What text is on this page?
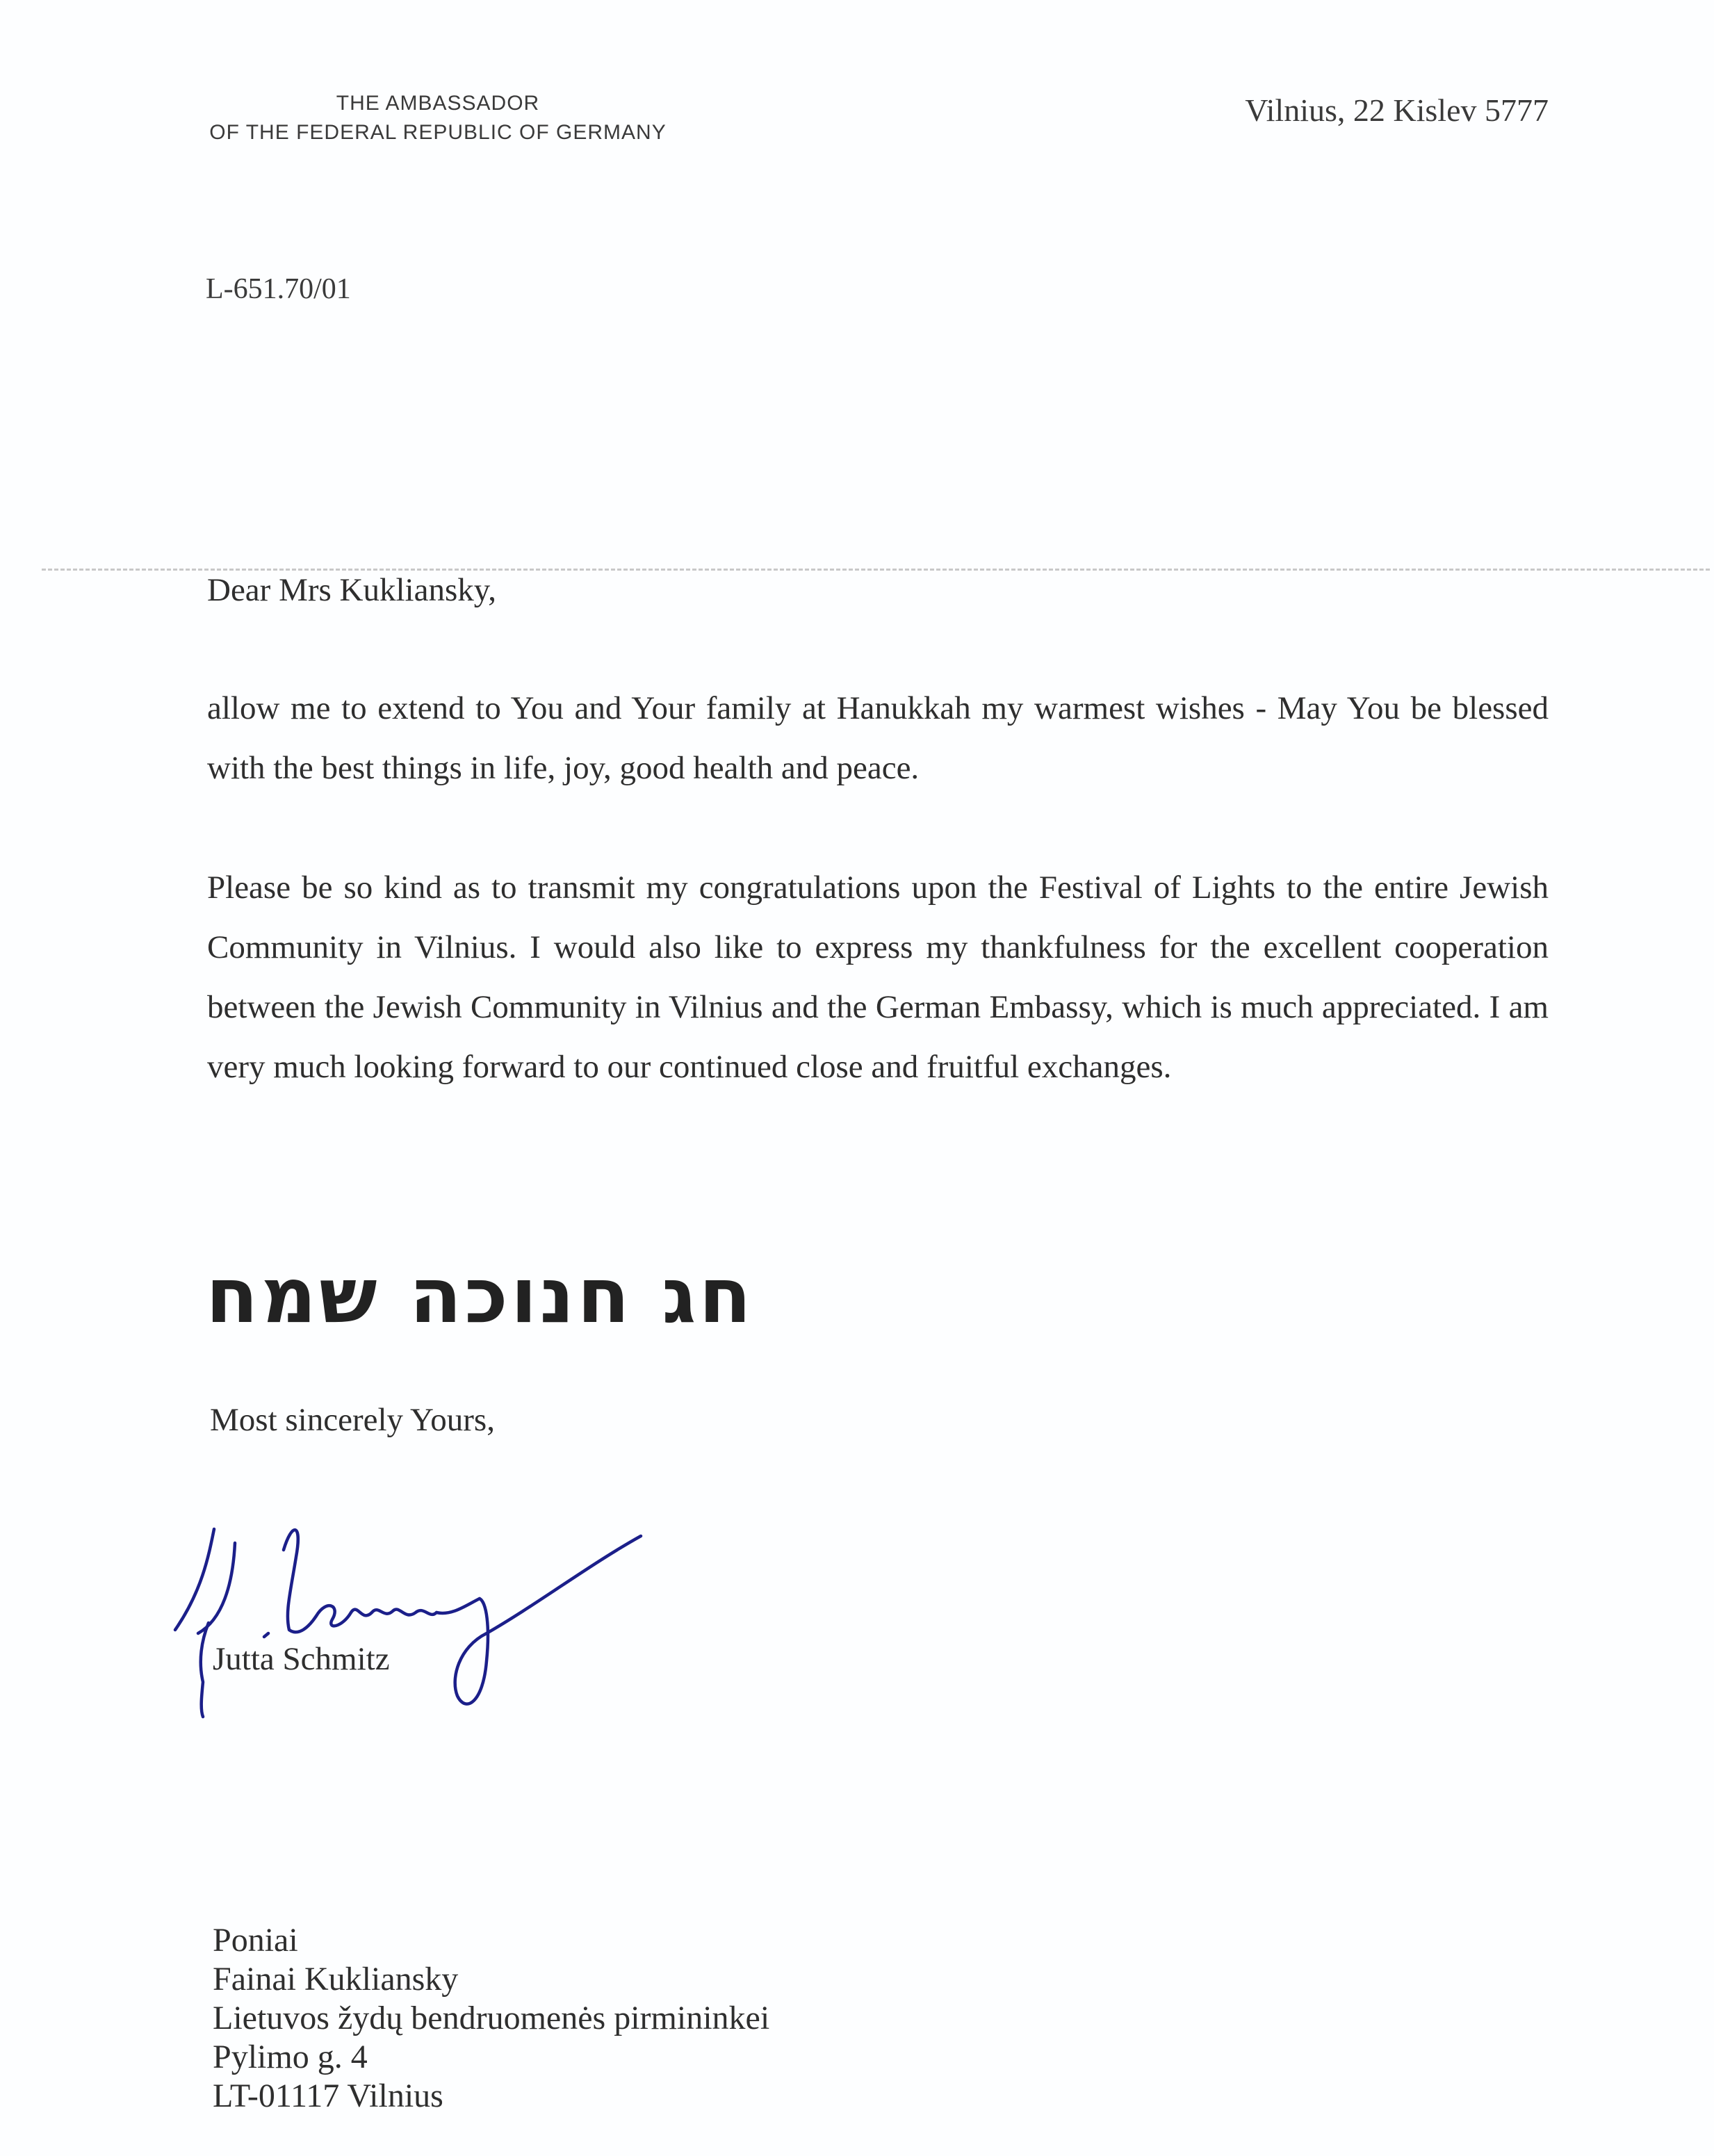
THE AMBASSADOR
OF THE FEDERAL REPUBLIC OF GERMANY
Vilnius, 22 Kislev 5777
L-651.70/01
Dear Mrs Kukliansky,
allow me to extend to You and Your family at Hanukkah my warmest wishes - May You be blessed with the best things in life, joy, good health and peace.
Please be so kind as to transmit my congratulations upon the Festival of Lights to the entire Jewish Community in Vilnius. I would also like to express my thankfulness for the excellent cooperation between the Jewish Community in Vilnius and the German Embassy, which is much appreciated. I am very much looking forward to our continued close and fruitful exchanges.
חג חנוכה שמח
Most sincerely Yours,
Jutta Schmitz
Poniai
Fainai Kukliansky
Lietuvos žydų bendruomenės pirmininkei
Pylimo g. 4
LT-01117 Vilnius
